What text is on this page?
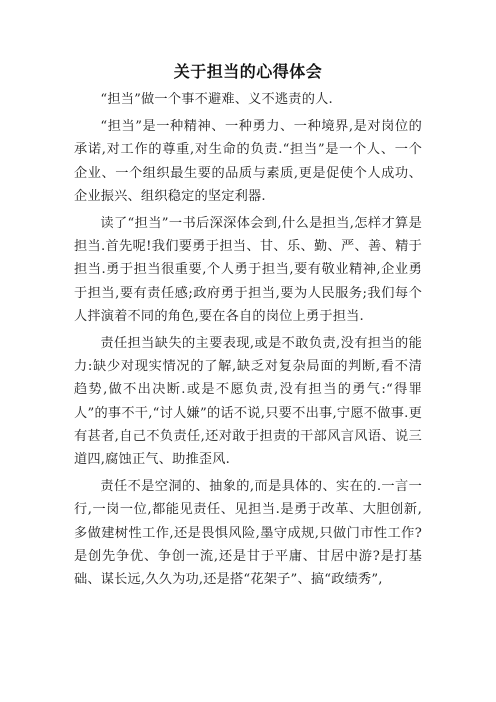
关于担当的心得体会

“担当”做一个事不避难、义不逃责的人.

“担当”是一种精神、一种勇力、一种境界,是对岗位的承诺,对工作的尊重,对生命的负责.“担当”是一个人、一个企业、一个组织最生要的品质与素质,更是促使个人成功、企业振兴、组织稳定的坚定利器.

读了“担当”一书后深深体会到,什么是担当,怎样才算是担当.首先呢!我们要勇于担当、甘、乐、勤、严、善、精于担当.勇于担当很重要,个人勇于担当,要有敬业精神,企业勇于担当,要有责任感;政府勇于担当,要为人民服务;我们每个人拌演着不同的角色,要在各自的岗位上勇于担当.

责任担当缺失的主要表现,或是不敢负责,没有担当的能力:缺少对现实情况的了解,缺乏对复杂局面的判断,看不清趋势,做不出决断.或是不愿负责,没有担当的勇气:“得罪人”的事不干,“讨人嫌”的话不说,只要不出事,宁愿不做事.更有甚者,自己不负责任,还对敢于担责的干部风言风语、说三道四,腐蚀正气、助推歪风.

责任不是空洞的、抽象的,而是具体的、实在的.一言一行,一岗一位,都能见责任、见担当.是勇于改革、大胆创新,多做建树性工作,还是畏惧风险,墨守成规,只做门市性工作?是创先争优、争创一流,还是甘于平庸、甘居中游?是打基础、谋长远,久久为功,还是搭“花架子”、搞“政绩秀”,
